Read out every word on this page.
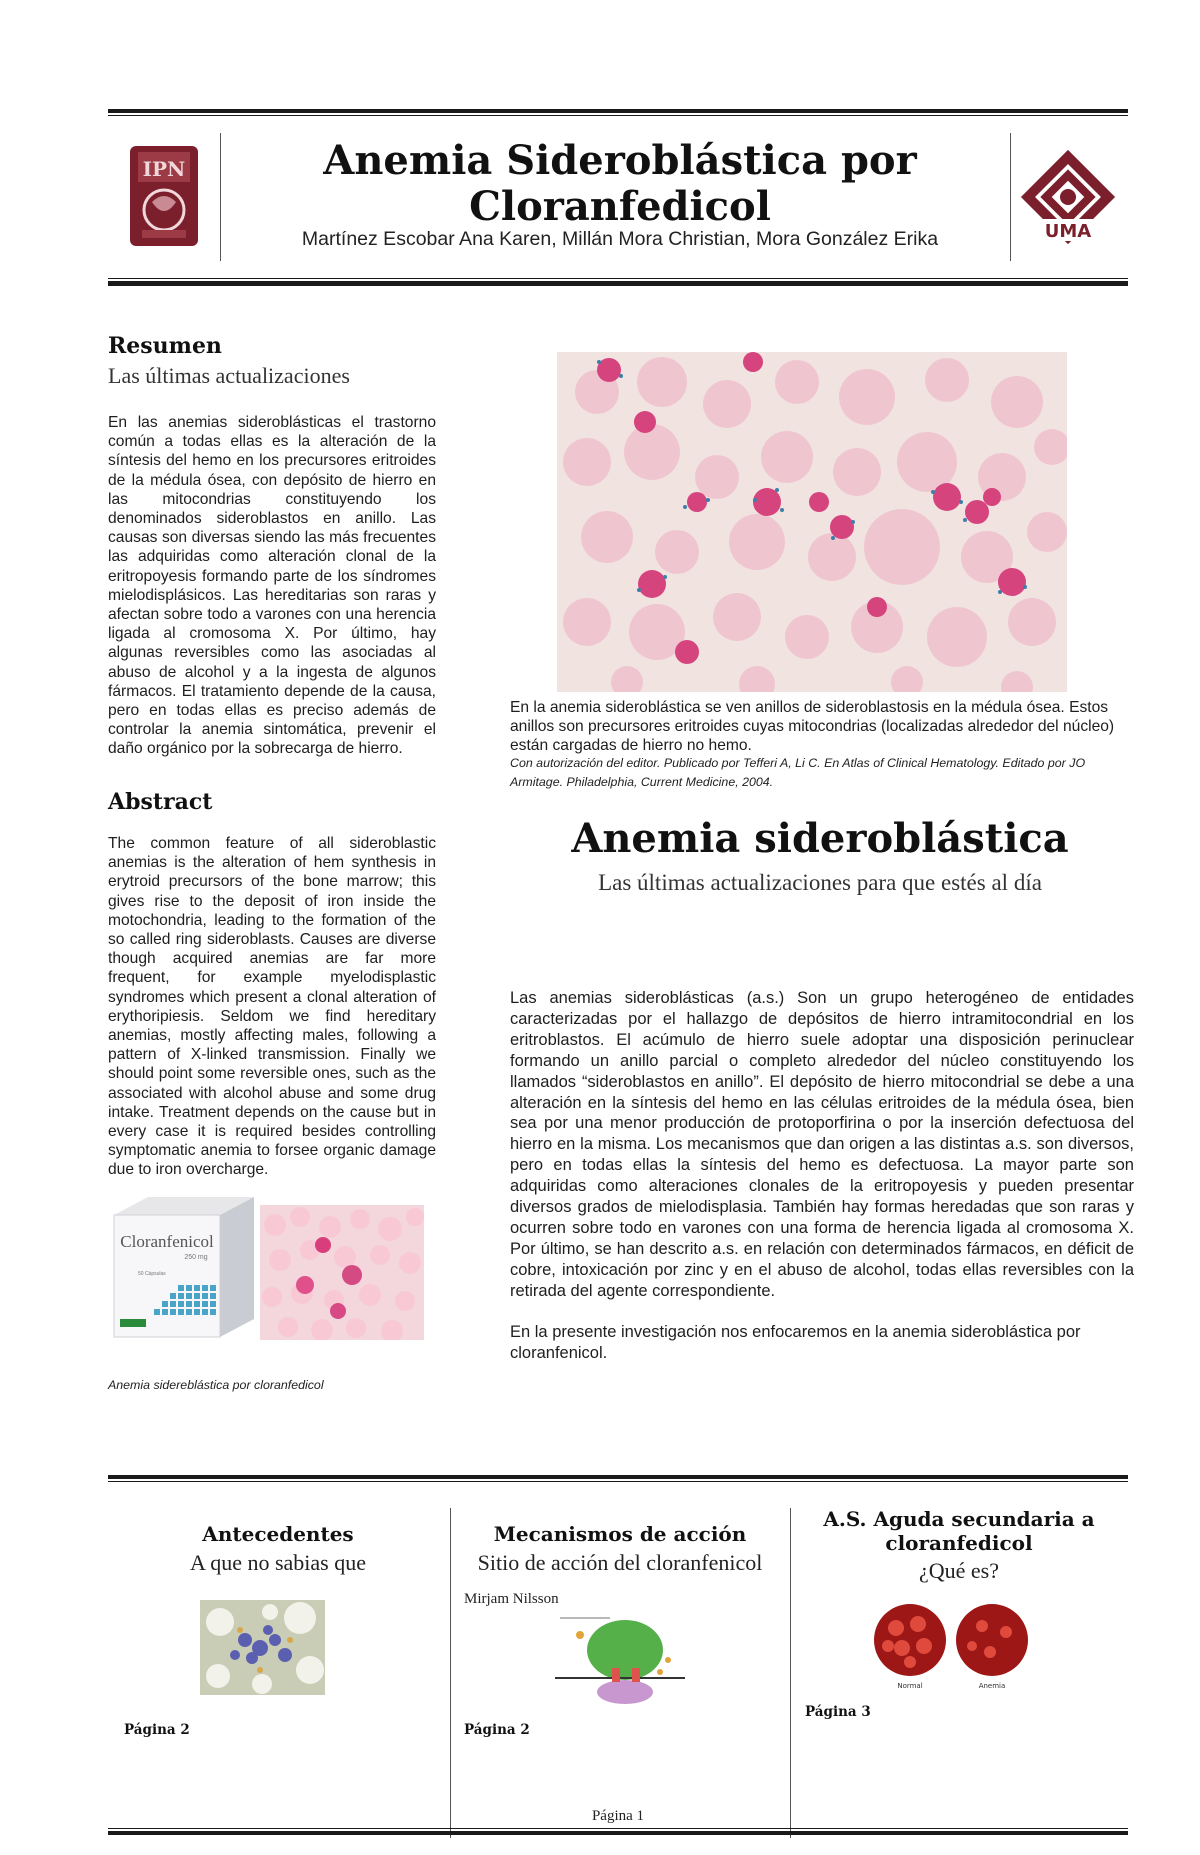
IPN
UMA
Anemia Sideroblástica por Cloranfedicol
Martínez Escobar Ana Karen, Millán Mora Christian, Mora González Erika
Resumen
Las últimas actualizaciones
En las anemias sideroblásticas el trastorno común a todas ellas es la alteración de la síntesis del hemo en los precursores eritroides de la médula ósea, con depósito de hierro en las mitocondrias constituyendo los denominados sideroblastos en anillo. Las causas son diversas siendo las más frecuentes las adquiridas como alteración clonal de la eritropoyesis formando parte de los síndromes mielodisplásicos. Las hereditarias son raras y afectan sobre todo a varones con una herencia ligada al cromosoma X. Por último, hay algunas reversibles como las asociadas al abuso de alcohol y a la ingesta de algunos fármacos. El tratamiento depende de la causa, pero en todas ellas es preciso además de controlar la anemia sintomática, prevenir el daño orgánico por la sobrecarga de hierro.
Abstract
The common feature of all sideroblastic anemias is the alteration of hem synthesis in erytroid precursors of the bone marrow; this gives rise to the deposit of iron inside the motochondria, leading to the formation of the so called ring sideroblasts. Causes are diverse though acquired anemias are far more frequent, for example myelodisplastic syndromes which present a clonal alteration of erythoripiesis. Seldom we find hereditary anemias, mostly affecting males, following a pattern of X-linked transmission. Finally we should point some reversible ones, such as the associated with alcohol abuse and some drug intake. Treatment depends on the cause but in every case it is required besides controlling symptomatic anemia to forsee organic damage due to iron overcharge.
Cloranfenicol
250 mg
50 Cápsulas
Anemia sidereblástica por cloranfedicol
En la anemia sideroblástica se ven anillos de sideroblastosis en la médula ósea. Estos anillos son precursores eritroides cuyas mitocondrias (localizadas alrededor del núcleo) están cargadas de hierro no hemo.
Con autorización del editor. Publicado por Tefferi A, Li C. En Atlas of Clinical Hematology. Editado por JO Armitage. Philadelphia, Current Medicine, 2004.
Anemia sideroblástica
Las últimas actualizaciones para que estés al día
Las anemias sideroblásticas (a.s.) Son un grupo heterogéneo de entidades caracterizadas por el hallazgo de depósitos de hierro intramitocondrial en los eritroblastos. El acúmulo de hierro suele adoptar una disposición perinuclear formando un anillo parcial o completo alrededor del núcleo constituyendo los llamados “sideroblastos en anillo”. El depósito de hierro mitocondrial se debe a una alteración en la síntesis del hemo en las células eritroides de la médula ósea, bien sea por una menor producción de protoporfirina o por la inserción defectuosa del hierro en la misma. Los mecanismos que dan origen a las distintas a.s. son diversos, pero en todas ellas la síntesis del hemo es defectuosa. La mayor parte son adquiridas como alteraciones clonales de la eritropoyesis y pueden presentar diversos grados de mielodisplasia. También hay formas heredadas que son raras y ocurren sobre todo en varones con una forma de herencia ligada al cromosoma X. Por último, se han descrito a.s. en relación con determinados fármacos, en déficit de cobre, intoxicación por zinc y en el abuso de alcohol, todas ellas reversibles con la retirada del agente correspondiente.
En la presente investigación nos enfocaremos en la anemia sideroblástica por cloranfenicol.
Antecedentes
A que no sabias que
Página 2
Mecanismos de acción
Sitio de acción del cloranfenicol
Mirjam Nilsson
Página 2
A.S. Aguda secundaria a cloranfedicol
¿Qué es?
Normal	Anemia
Página 3
Página 1
